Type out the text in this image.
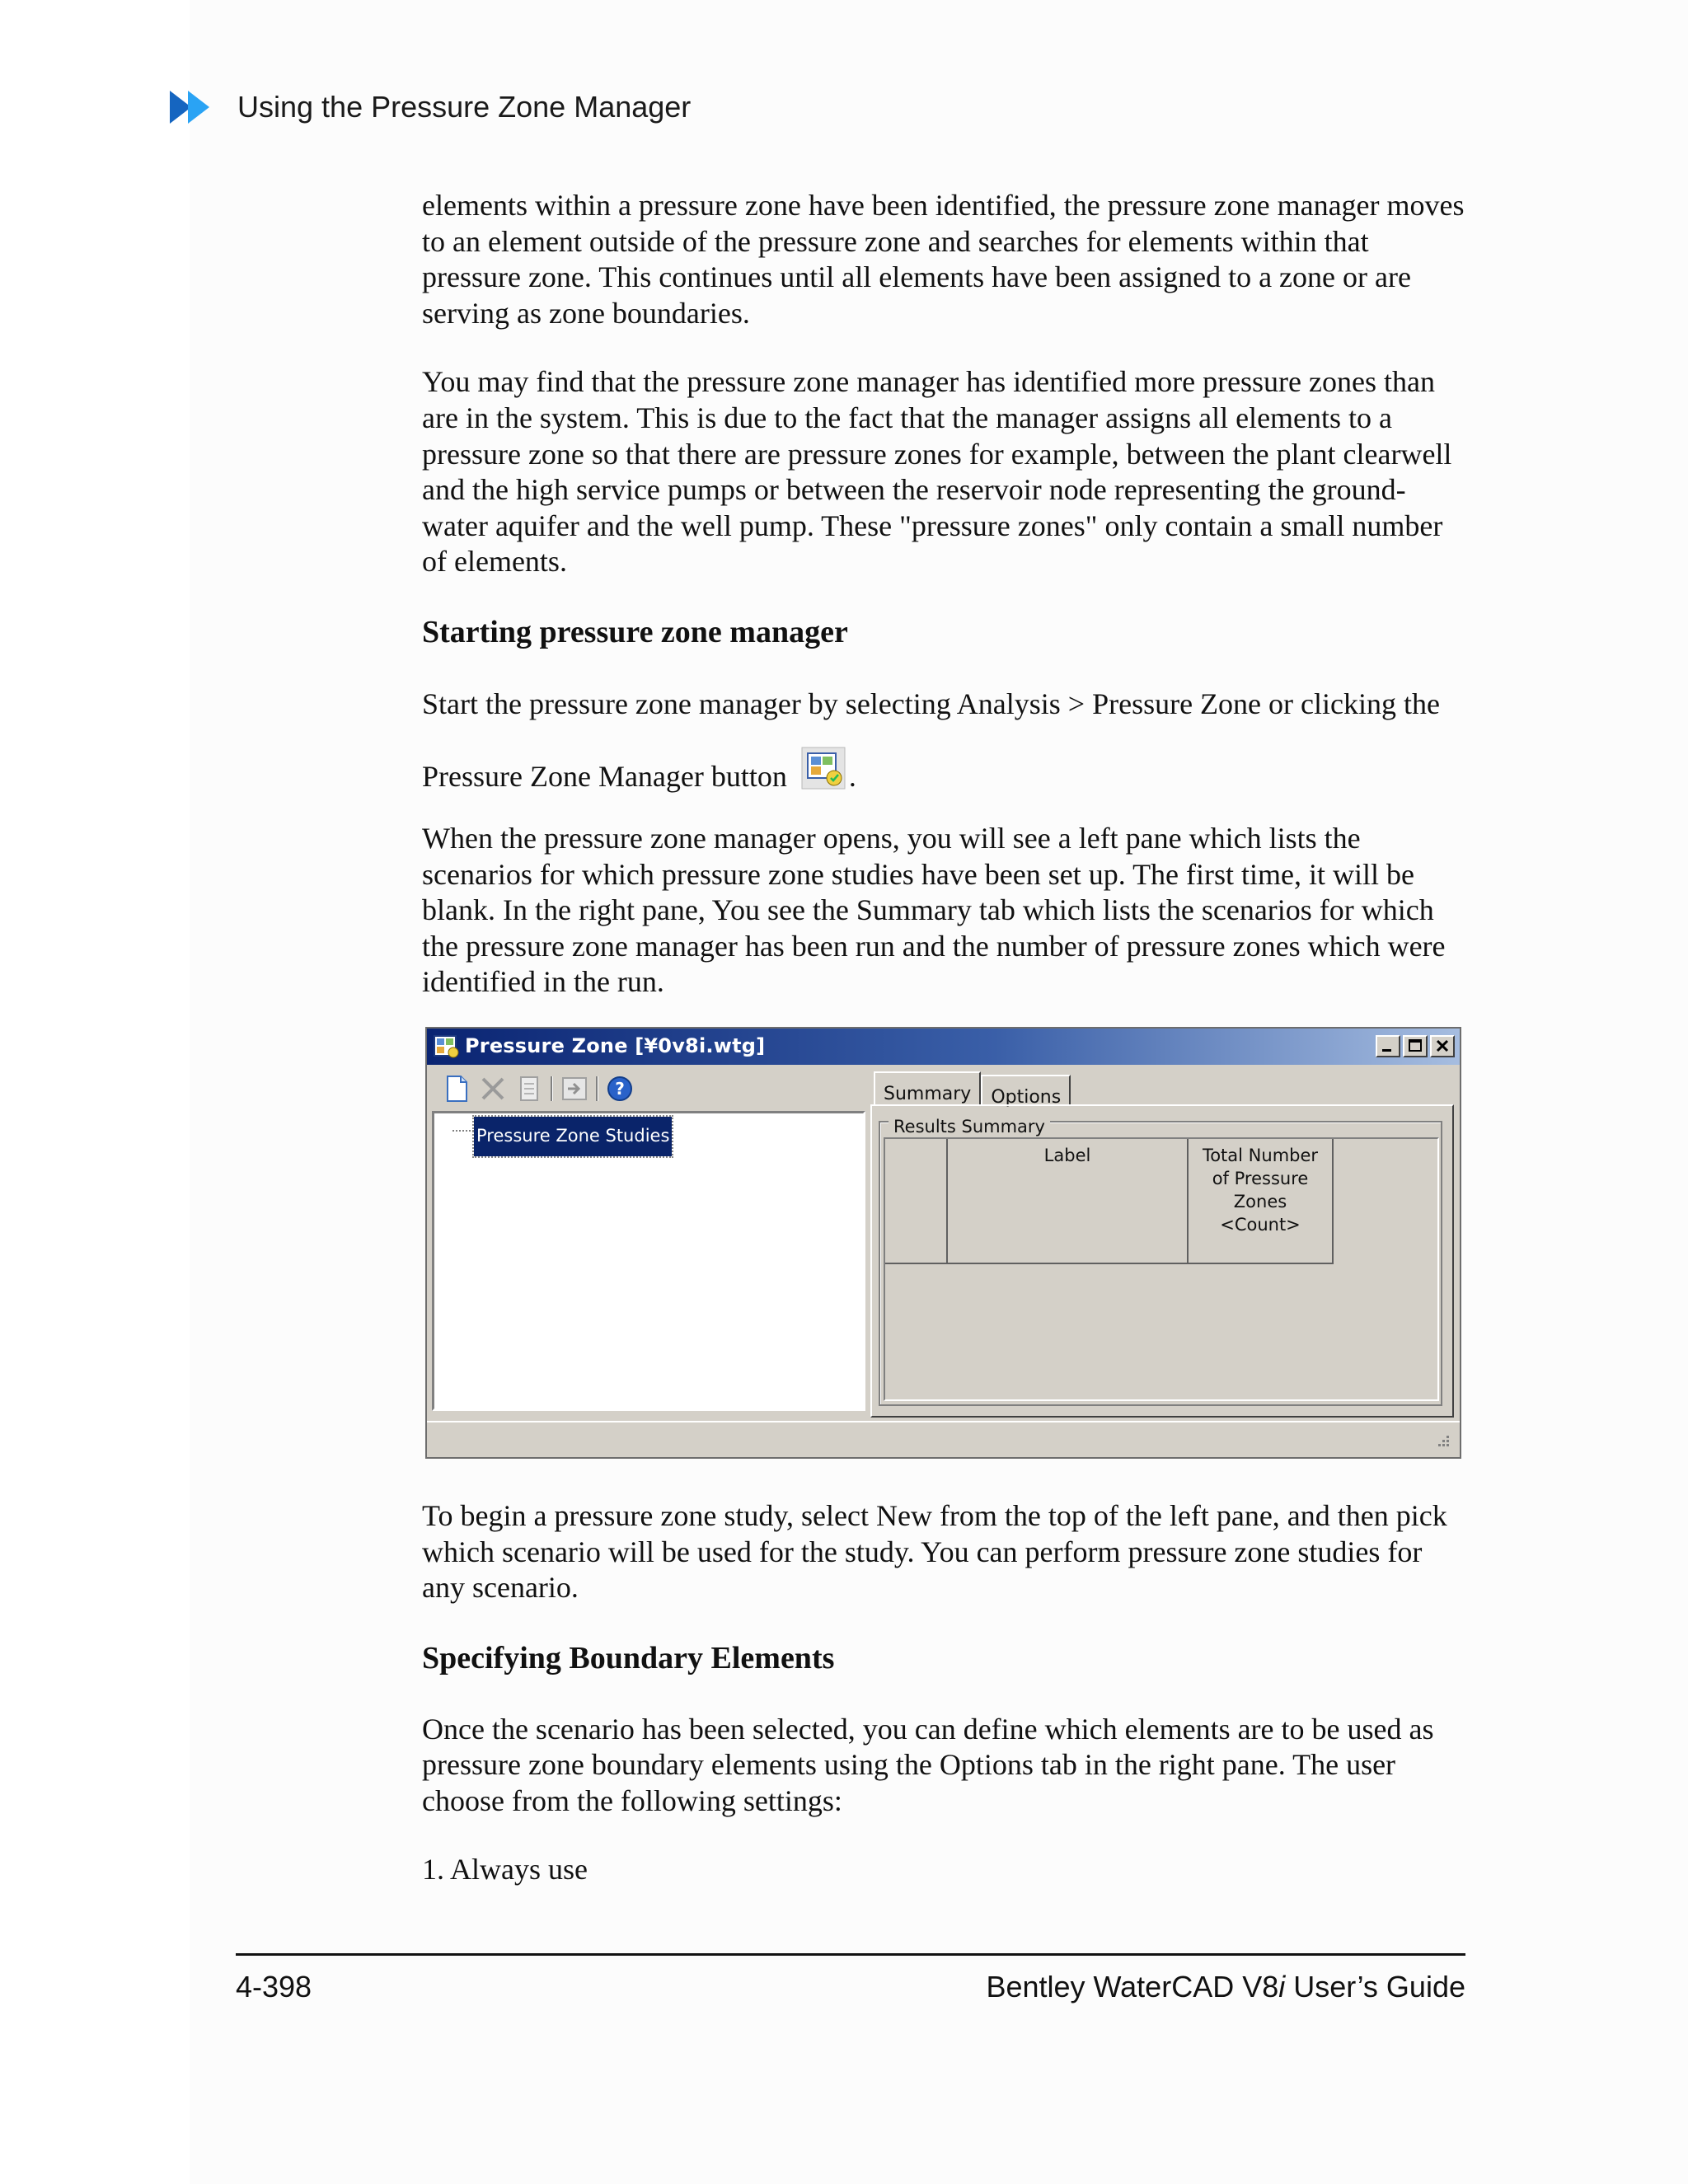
Using the Pressure Zone Manager

elements within a pressure zone have been identified, the pressure zone manager moves to an element outside of the pressure zone and searches for elements within that pressure zone. This continues until all elements have been assigned to a zone or are serving as zone boundaries.

You may find that the pressure zone manager has identified more pressure zones than are in the system. This is due to the fact that the manager assigns all elements to a pressure zone so that there are pressure zones for example, between the plant clearwell and the high service pumps or between the reservoir node representing the ground-water aquifer and the well pump. These "pressure zones" only contain a small number of elements.

Starting pressure zone manager

Start the pressure zone manager by selecting Analysis > Pressure Zone or clicking the Pressure Zone Manager button .

When the pressure zone manager opens, you will see a left pane which lists the scenarios for which pressure zone studies have been set up. The first time, it will be blank. In the right pane, You see the Summary tab which lists the scenarios for which the pressure zone manager has been run and the number of pressure zones which were identified in the run.

Pressure Zone [¥0v8i.wtg]
?
Pressure Zone Studies
Summary	Options
Results Summary
Label	Total Number of Pressure Zones <Count>

To begin a pressure zone study, select New from the top of the left pane, and then pick which scenario will be used for the study. You can perform pressure zone studies for any scenario.

Specifying Boundary Elements

Once the scenario has been selected, you can define which elements are to be used as pressure zone boundary elements using the Options tab in the right pane. The user choose from the following settings:

1. Always use

4-398	Bentley WaterCAD V8i User’s Guide
